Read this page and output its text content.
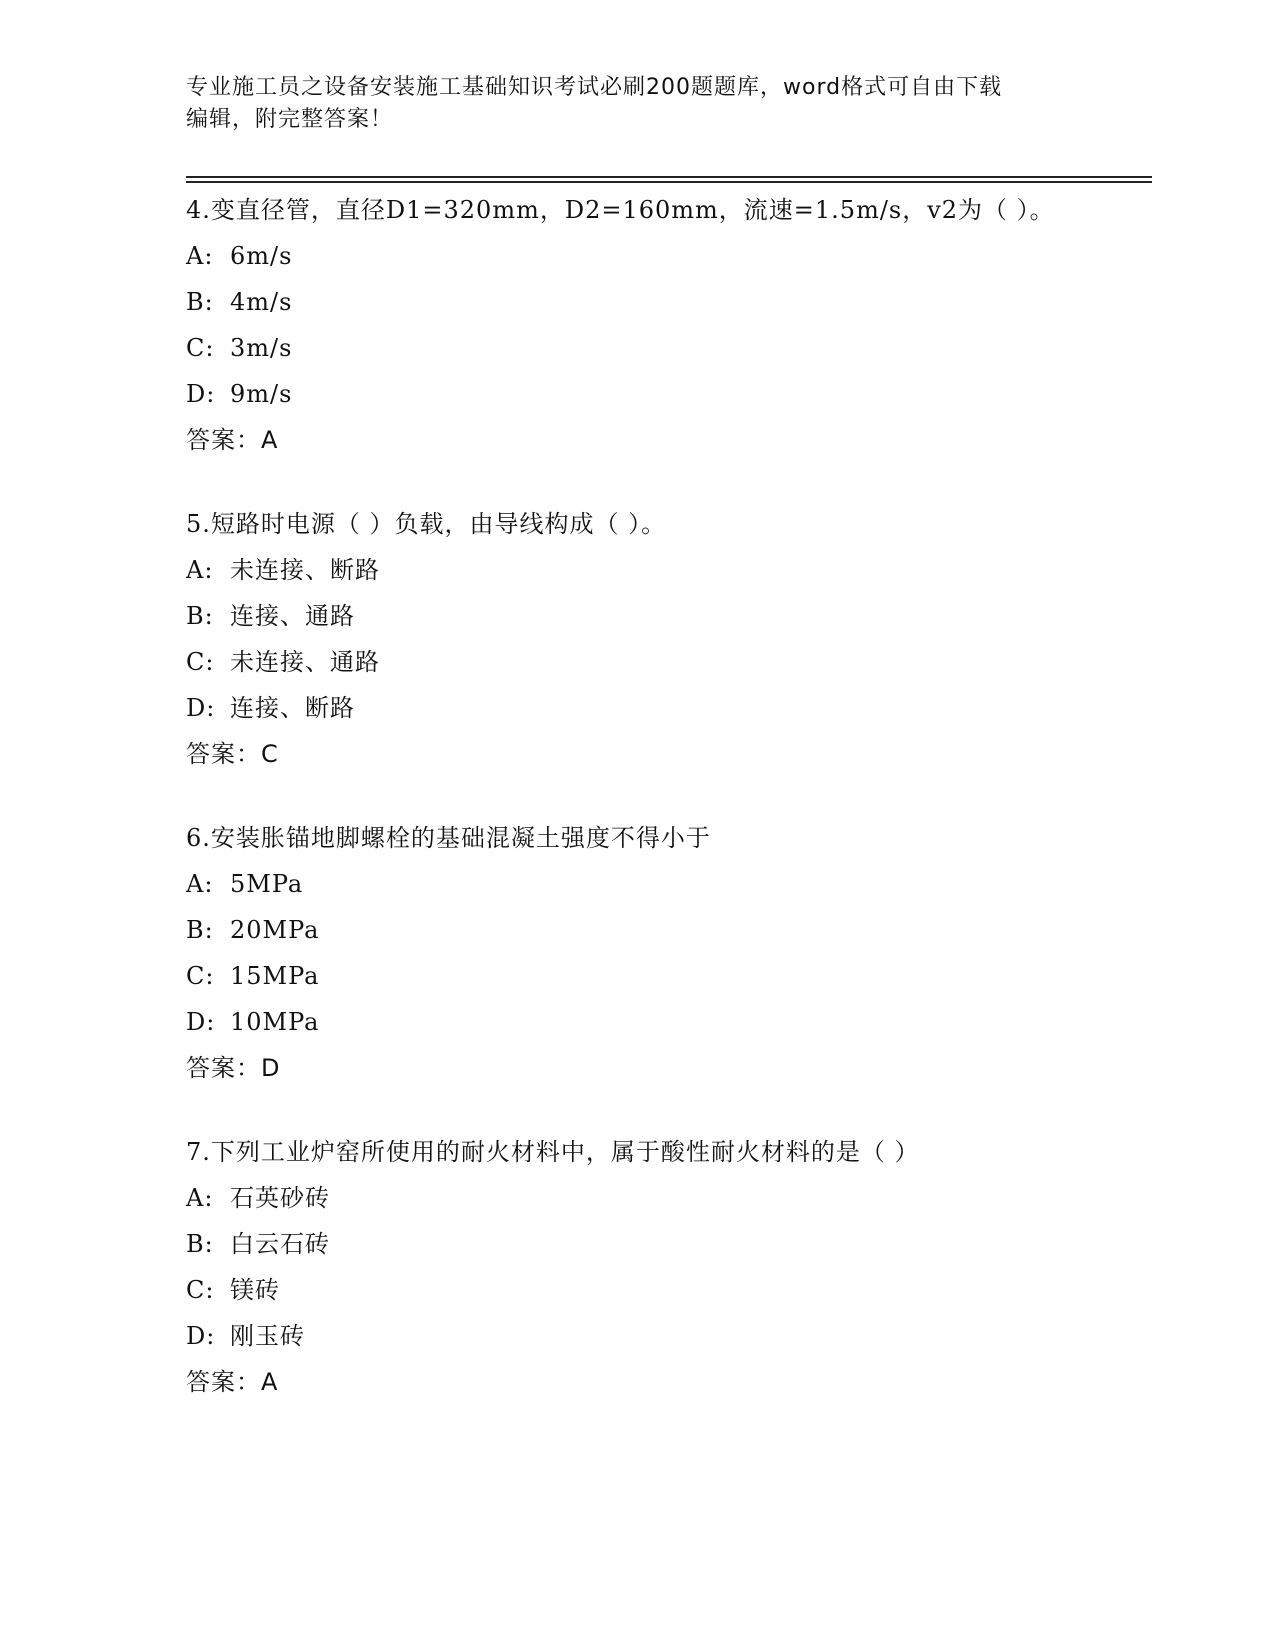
专业施工员之设备安装施工基础知识考试必刷200题题库，word格式可自由下载
编辑，附完整答案！
4.变直径管，直径D1=320mm，D2=160mm，流速=1.5m/s，v2为（ ）。
A: 6m/s
B: 4m/s
C: 3m/s
D: 9m/s
答案：A
5.短路时电源（ ）负载，由导线构成（ ）。
A: 未连接、断路
B: 连接、通路
C: 未连接、通路
D: 连接、断路
答案：C
6.安装胀锚地脚螺栓的基础混凝土强度不得小于
A: 5MPa
B: 20MPa
C: 15MPa
D: 10MPa
答案：D
7.下列工业炉窑所使用的耐火材料中，属于酸性耐火材料的是（ ）
A: 石英砂砖
B: 白云石砖
C: 镁砖
D: 刚玉砖
答案：A
